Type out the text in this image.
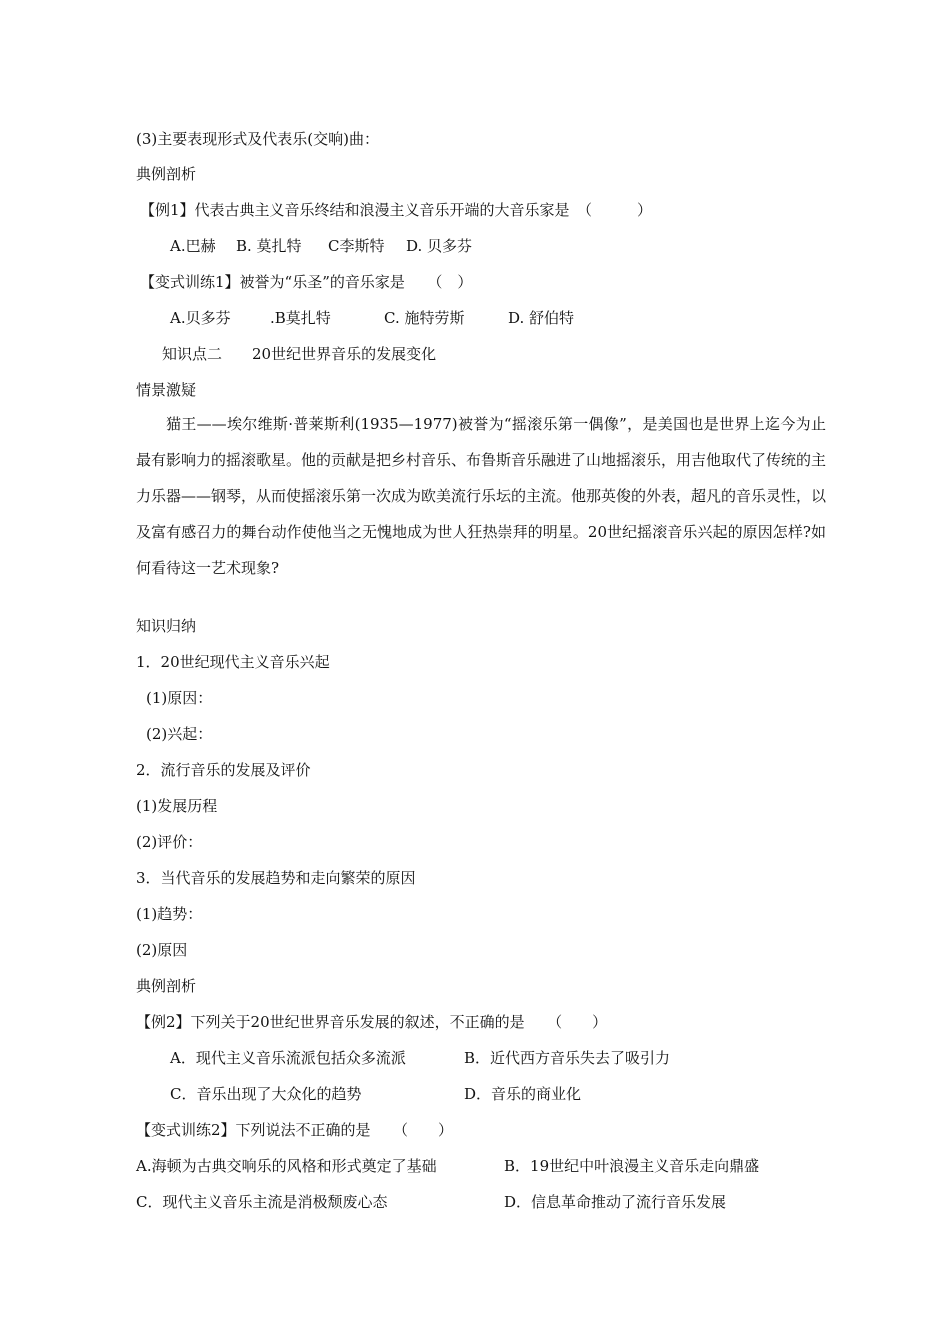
(3)主要表现形式及代表乐(交响)曲：
典例剖析
【例1】代表古典主义音乐终结和浪漫主义音乐开端的大音乐家是　（　　　）
A.巴赫 B. 莫扎特 C李斯特 D. 贝多芬
【变式训练1】被誉为“乐圣”的音乐家是　　（　）
A.贝多芬	.B莫扎特	C. 施特劳斯	D. 舒伯特
知识点二　　20世纪世界音乐的发展变化
情景激疑
猫王——埃尔维斯·普莱斯利(1935—1977)被誉为“摇滚乐第一偶像”，是美国也是世界上迄今为止最有影响力的摇滚歌星。他的贡献是把乡村音乐、布鲁斯音乐融进了山地摇滚乐，用吉他取代了传统的主力乐器——钢琴，从而使摇滚乐第一次成为欧美流行乐坛的主流。他那英俊的外表，超凡的音乐灵性，以及富有感召力的舞台动作使他当之无愧地成为世人狂热崇拜的明星。20世纪摇滚音乐兴起的原因怎样?如何看待这一艺术现象?
知识归纳
1．20世纪现代主义音乐兴起
(1)原因：
(2)兴起：
2．流行音乐的发展及评价
(1)发展历程
(2)评价：
3．当代音乐的发展趋势和走向繁荣的原因
(1)趋势：
(2)原因
典例剖析
【例2】下列关于20世纪世界音乐发展的叙述，不正确的是　　（　　）
A．现代主义音乐流派包括众多流派	B．近代西方音乐失去了吸引力
C．音乐出现了大众化的趋势	D．音乐的商业化
【变式训练2】下列说法不正确的是　　（　　）
A.海顿为古典交响乐的风格和形式奠定了基础	B．19世纪中叶浪漫主义音乐走向鼎盛
C．现代主义音乐主流是消极颓废心态	D．信息革命推动了流行音乐发展
